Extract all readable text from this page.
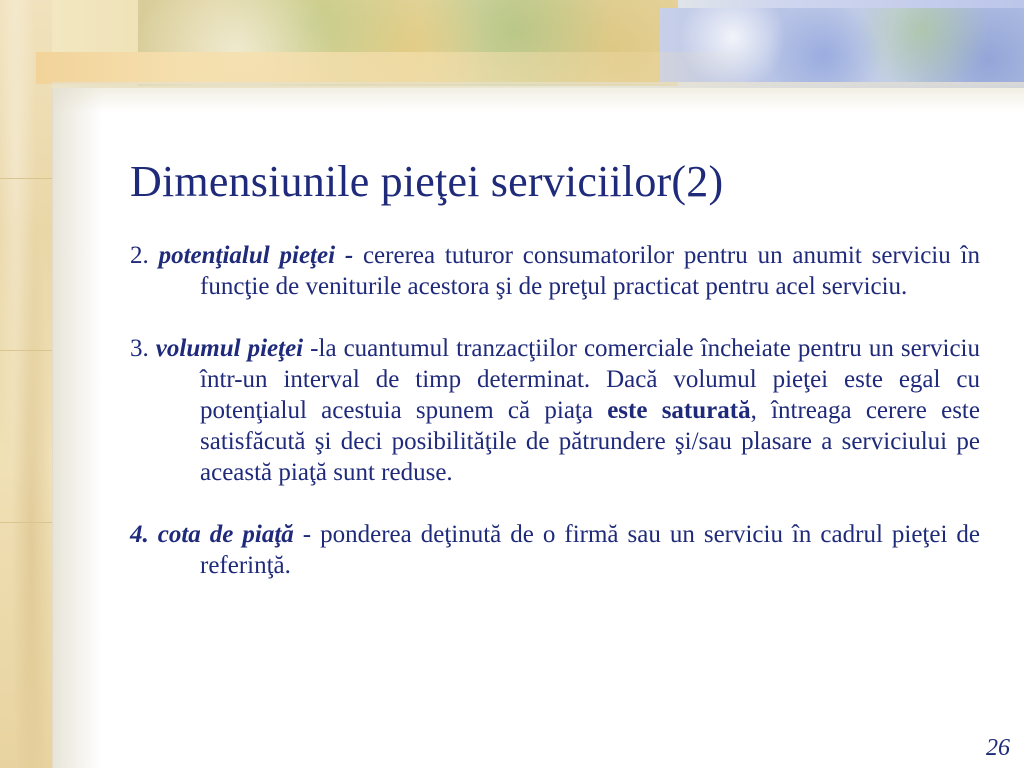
Dimensiunile pieţei serviciilor(2)

2. potenţialul pieţei - cererea tuturor consumatorilor pentru un anumit serviciu în funcţie de veniturile acestora şi de preţul practicat pentru acel serviciu.

3. volumul pieţei -la cuantumul tranzacţiilor comerciale încheiate pentru un serviciu într-un interval de timp determinat. Dacă volumul pieţei este egal cu potenţialul acestuia spunem că piaţa este saturată, întreaga cerere este satisfăcută şi deci posibilităţile de pătrundere şi/sau plasare a serviciului pe această piaţă sunt reduse.

4. cota de piaţă - ponderea deţinută de o firmă sau un serviciu în cadrul pieţei de referinţă.

26
